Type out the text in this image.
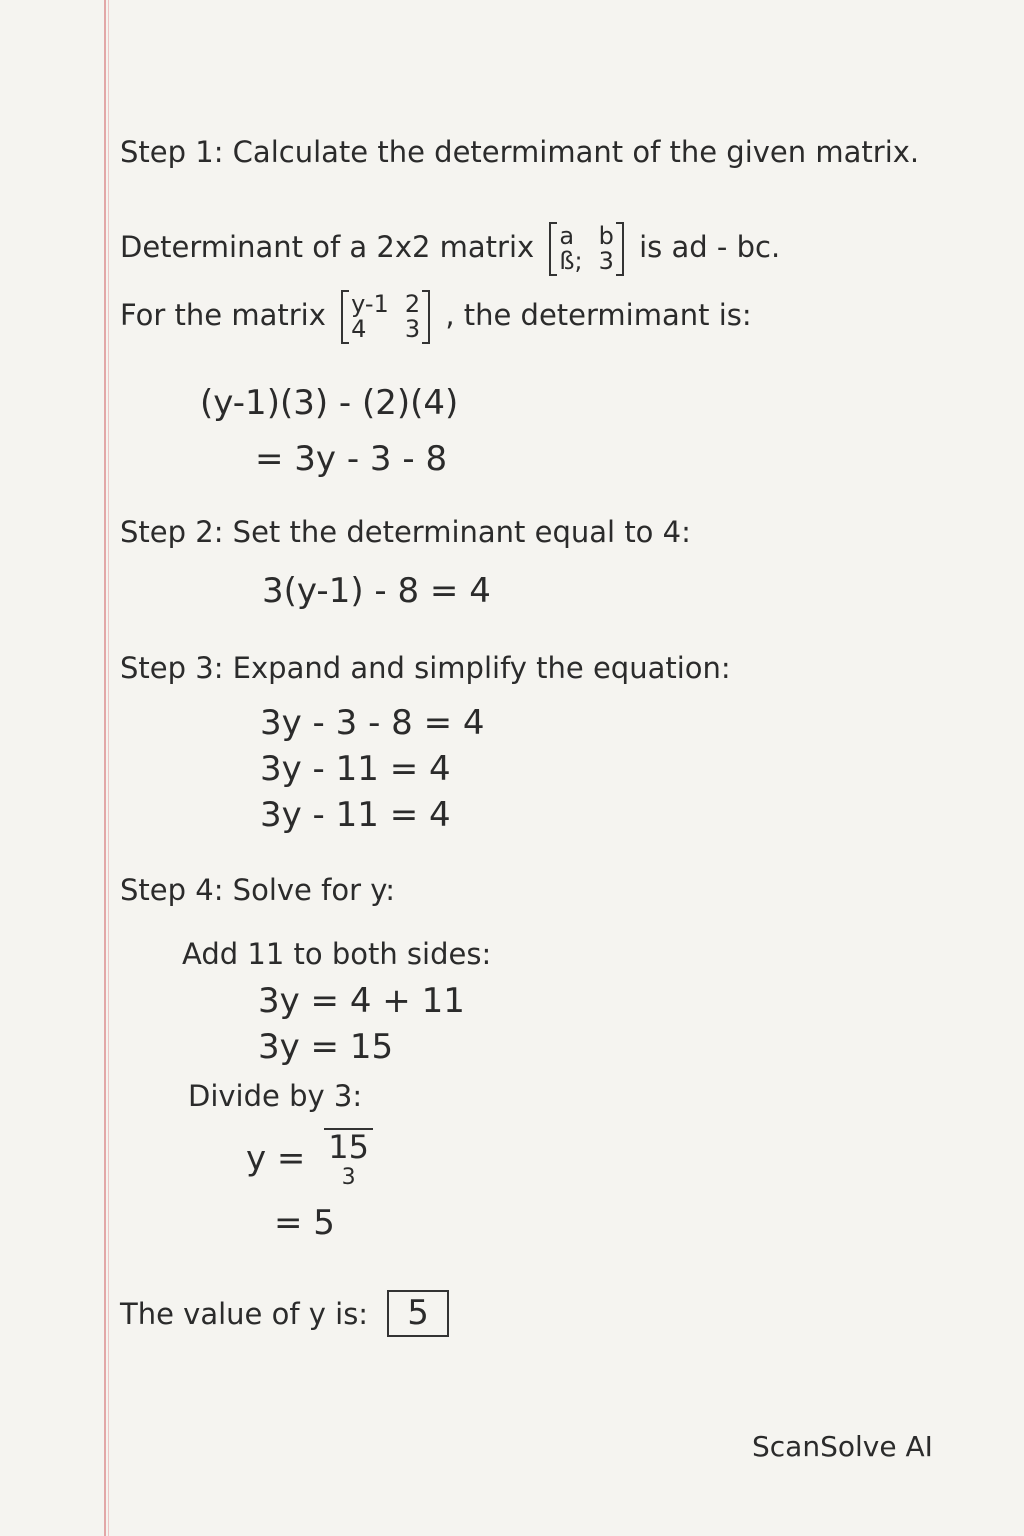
Step 1: Calculate the determimant of the given matrix.
Determinant of a 2x2 matrix a b
ß; 3 is ad - bc.
For the matrix y-1 2
4 3 , the determimant is:
(y-1)(3) - (2)(4)
= 3y - 3 - 8
Step 2: Set the determinant equal to 4:
3(y-1) - 8 = 4
Step 3: Expand and simplify the equation:
3y - 3 - 8 = 4
3y - 11 = 4
3y - 11 = 4
Step 4: Solve for y:
Add 11 to both sides:
3y = 4 + 11
3y = 15
Divide by 3:
y = 15
3
= 5
The value of y is: 5
ScanSolve AI
